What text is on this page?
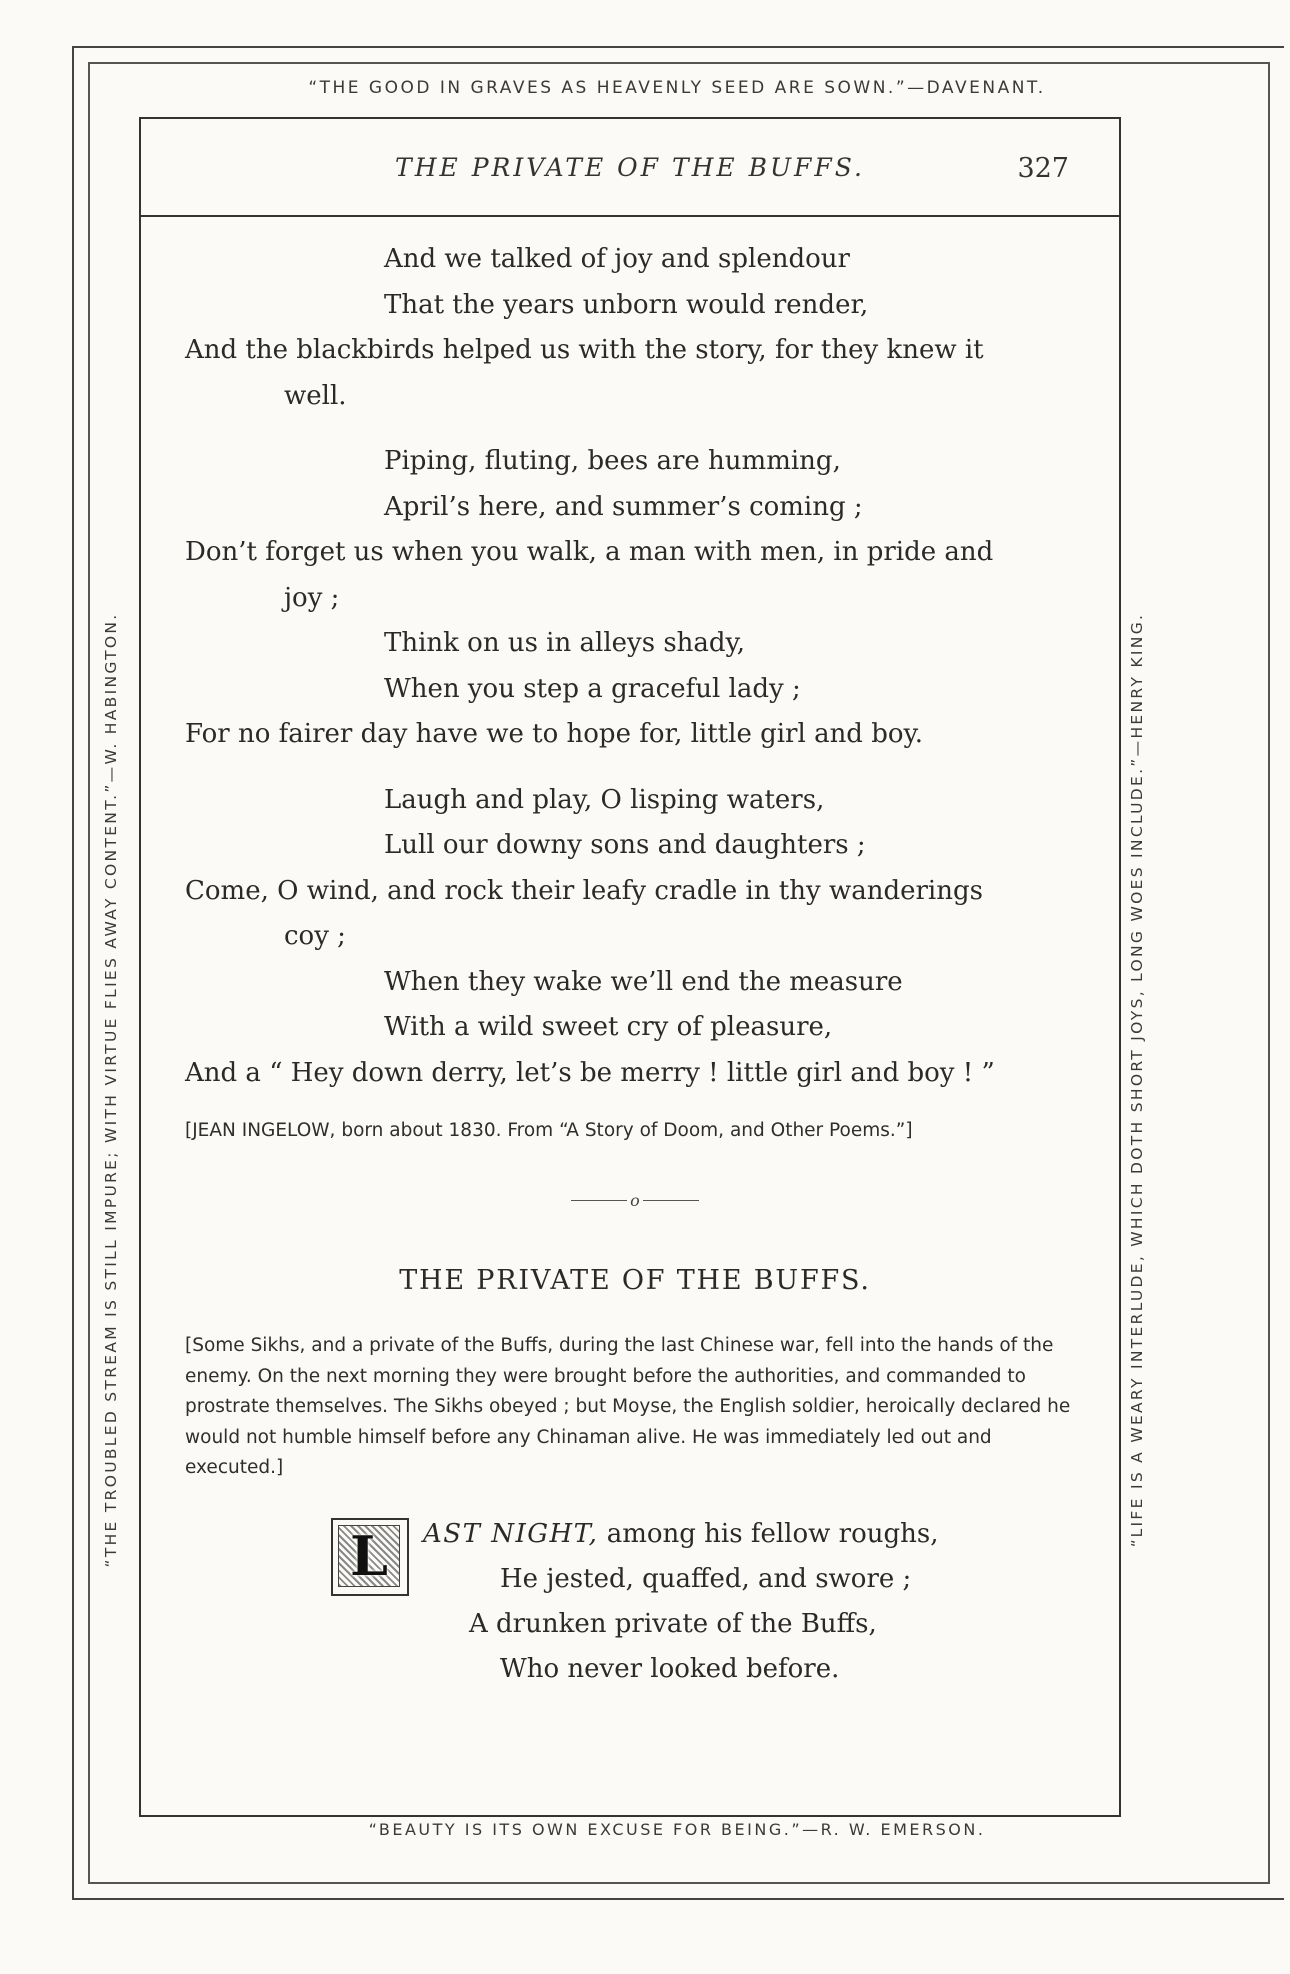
“THE GOOD IN GRAVES AS HEAVENLY SEED ARE SOWN.”—DAVENANT.
“THE TROUBLED STREAM IS STILL IMPURE; WITH VIRTUE FLIES AWAY CONTENT.”—W. HABINGTON.	“LIFE IS A WEARY INTERLUDE, WHICH DOTH SHORT JOYS, LONG WOES INCLUDE.”—HENRY KING.
“BEAUTY IS ITS OWN EXCUSE FOR BEING.”—R. W. EMERSON.
THE PRIVATE OF THE BUFFS.	327
And we talked of joy and splendour
That the years unborn would render,
And the blackbirds helped us with the story, for they knew it
well.
Piping, fluting, bees are humming,
April’s here, and summer’s coming ;
Don’t forget us when you walk, a man with men, in pride and
joy ;
Think on us in alleys shady,
When you step a graceful lady ;
For no fairer day have we to hope for, little girl and boy.
Laugh and play, O lisping waters,
Lull our downy sons and daughters ;
Come, O wind, and rock their leafy cradle in thy wanderings
coy ;
When they wake we’ll end the measure
With a wild sweet cry of pleasure,
And a “ Hey down derry, let’s be merry ! little girl and boy ! ”
[JEAN INGELOW, born about 1830. From “A Story of Doom, and Other Poems.”]
o
THE PRIVATE OF THE BUFFS.
[Some Sikhs, and a private of the Buffs, during the last Chinese war, fell into the hands of the enemy. On the next morning they were brought before the authorities, and commanded to prostrate themselves. The Sikhs obeyed ; but Moyse, the English soldier, heroically declared he would not humble himself before any Chinaman alive. He was immediately led out and executed.]
L	AST NIGHT, among his fellow roughs,
He jested, quaffed, and swore ;
A drunken private of the Buffs,
Who never looked before.
